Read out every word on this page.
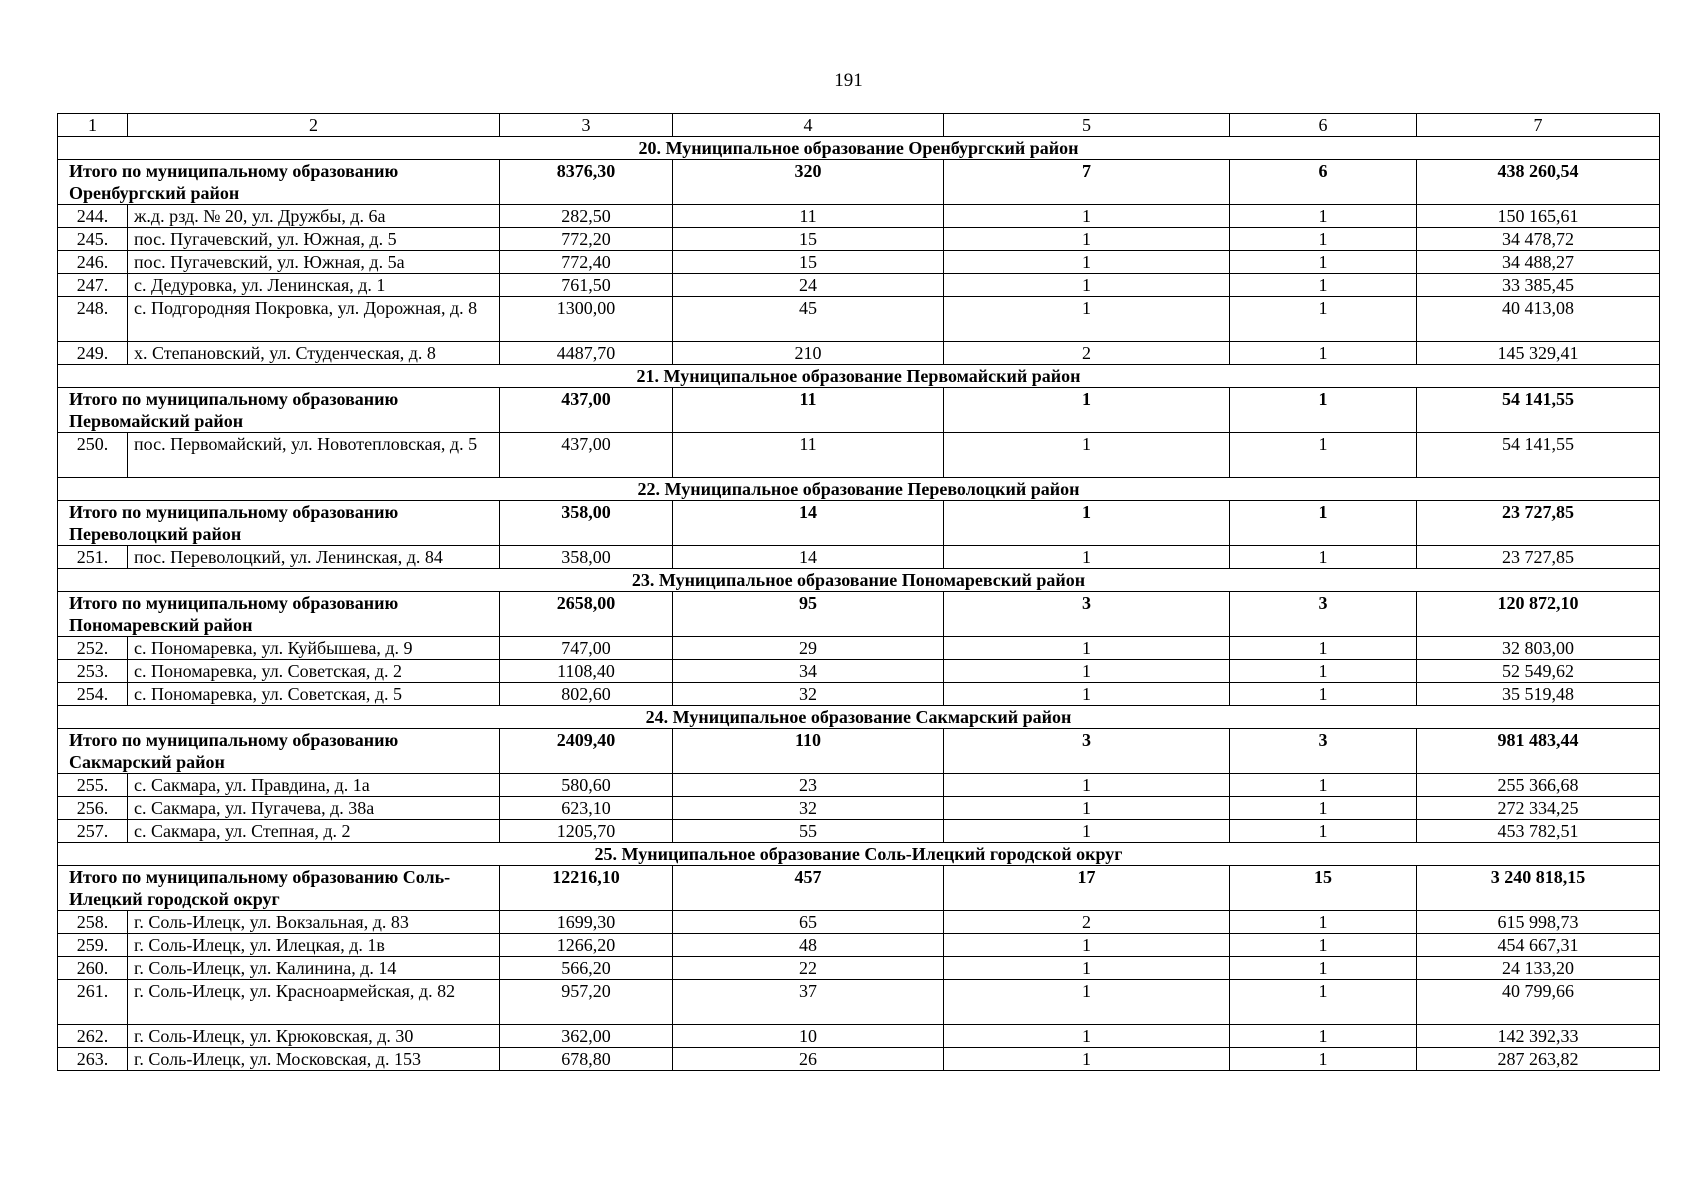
191
1	2	3	4	5	6	7
20. Муниципальное образование Оренбургский район						
Итого по муниципальному образованию Оренбургский район		8376,30	320	7	6	438 260,54
244.	ж.д. рзд. № 20, ул. Дружбы, д. 6а	282,50	11	1	1	150 165,61
245.	пос. Пугачевский, ул. Южная, д. 5	772,20	15	1	1	34 478,72
246.	пос. Пугачевский, ул. Южная, д. 5а	772,40	15	1	1	34 488,27
247.	с. Дедуровка, ул. Ленинская, д. 1	761,50	24	1	1	33 385,45
248.	с. Подгородняя Покровка, ул. Дорожная, д. 8	1300,00	45	1	1	40 413,08
249.	х. Степановский, ул. Студенческая, д. 8	4487,70	210	2	1	145 329,41
21. Муниципальное образование Первомайский район						
Итого по муниципальному образованию Первомайский район		437,00	11	1	1	54 141,55
250.	пос. Первомайский, ул. Новотепловская, д. 5	437,00	11	1	1	54 141,55
22. Муниципальное образование Переволоцкий район						
Итого по муниципальному образованию Переволоцкий район		358,00	14	1	1	23 727,85
251.	пос. Переволоцкий, ул. Ленинская, д. 84	358,00	14	1	1	23 727,85
23. Муниципальное образование Пономаревский район						
Итого по муниципальному образованию Пономаревский район		2658,00	95	3	3	120 872,10
252.	с. Пономаревка, ул. Куйбышева, д. 9	747,00	29	1	1	32 803,00
253.	с. Пономаревка, ул. Советская, д. 2	1108,40	34	1	1	52 549,62
254.	с. Пономаревка, ул. Советская, д. 5	802,60	32	1	1	35 519,48
24. Муниципальное образование Сакмарский район						
Итого по муниципальному образованию Сакмарский район		2409,40	110	3	3	981 483,44
255.	с. Сакмара, ул. Правдина, д. 1а	580,60	23	1	1	255 366,68
256.	с. Сакмара, ул. Пугачева, д. 38а	623,10	32	1	1	272 334,25
257.	с. Сакмара, ул. Степная, д. 2	1205,70	55	1	1	453 782,51
25. Муниципальное образование Соль-Илецкий городской округ						
Итого по муниципальному образованию Соль-Илецкий городской округ		12216,10	457	17	15	3 240 818,15
258.	г. Соль-Илецк, ул. Вокзальная, д. 83	1699,30	65	2	1	615 998,73
259.	г. Соль-Илецк, ул. Илецкая, д. 1в	1266,20	48	1	1	454 667,31
260.	г. Соль-Илецк, ул. Калинина, д. 14	566,20	22	1	1	24 133,20
261.	г. Соль-Илецк, ул. Красноармейская, д. 82	957,20	37	1	1	40 799,66
262.	г. Соль-Илецк, ул. Крюковская, д. 30	362,00	10	1	1	142 392,33
263.	г. Соль-Илецк, ул. Московская, д. 153	678,80	26	1	1	287 263,82
